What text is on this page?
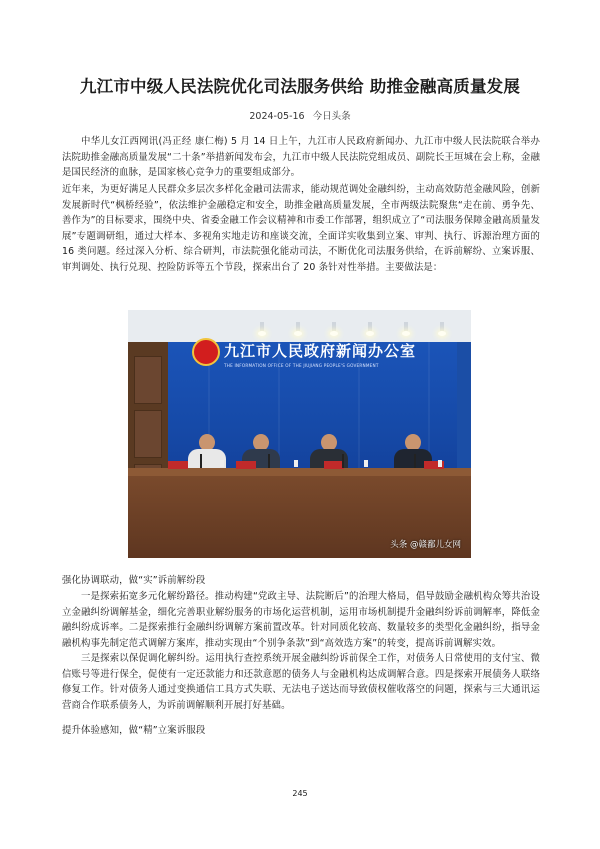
九江市中级人民法院优化司法服务供给 助推金融高质量发展
2024-05-16 今日头条

中华儿女江西网讯(冯正经 康仁梅) 5 月 14 日上午，九江市人民政府新闻办、九江市中级人民法院联合举办法院助推金融高质量发展“二十条”举措新闻发布会，九江市中级人民法院党组成员、副院长王垣城在会上称，金融是国民经济的血脉，是国家核心竞争力的重要组成部分。

近年来，为更好满足人民群众多层次多样化金融司法需求，能动规范调处金融纠纷，主动高效防范金融风险，创新发展新时代“枫桥经验”，依法维护金融稳定和安全，助推金融高质量发展，全市两级法院聚焦“走在前、勇争先、善作为”的目标要求，围绕中央、省委金融工作会议精神和市委工作部署，组织成立了“司法服务保障金融高质量发展”专题调研组，通过大样本、多视角实地走访和座谈交流，全面详实收集到立案、审判、执行、诉源治理方面的 16 类问题。经过深入分析、综合研判，市法院强化能动司法，不断优化司法服务供给，在诉前解纷、立案诉服、审判调处、执行兑现、控险防诉等五个节段，探索出台了 20 条针对性举措。主要做法是：

九江市人民政府新闻办公室
THE INFORMATION OFFICE OF THE JIUJIANG PEOPLE'S GOVERNMENT
头条 @赣鄱儿女网

强化协调联动，做“实”诉前解纷段

一是探索拓宽多元化解纷路径。推动构建“党政主导、法院断后”的治理大格局，倡导鼓励金融机构众筹共治设立金融纠纷调解基金，细化完善职业解纷服务的市场化运营机制，运用市场机制提升金融纠纷诉前调解率，降低金融纠纷成诉率。二是探索推行金融纠纷调解方案前置改革。针对同质化较高、数量较多的类型化金融纠纷，指导金融机构事先制定范式调解方案库，推动实现由“个别争条款”到“高效选方案”的转变，提高诉前调解实效。

三是探索以保促调化解纠纷。运用执行查控系统开展金融纠纷诉前保全工作，对债务人日常使用的支付宝、微信账号等进行保全，促使有一定还款能力和还款意愿的债务人与金融机构达成调解合意。四是探索开展债务人联络修复工作。针对债务人通过变换通信工具方式失联、无法电子送达而导致债权催收落空的问题，探索与三大通讯运营商合作联系债务人，为诉前调解顺利开展打好基础。

提升体验感知，做“精”立案诉服段

245
